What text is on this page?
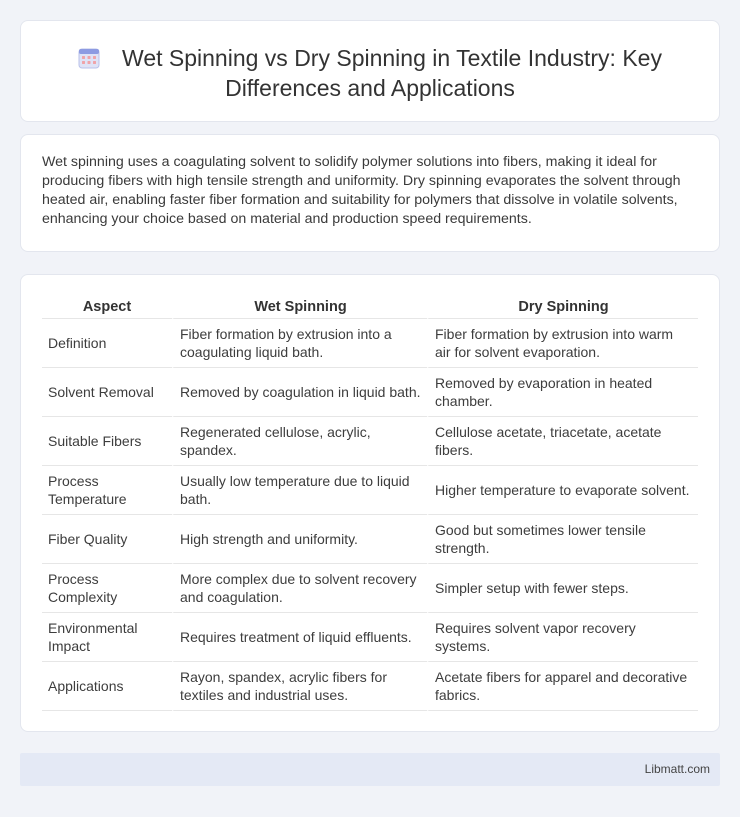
Wet Spinning vs Dry Spinning in Textile Industry: Key Differences and Applications

Wet spinning uses a coagulating solvent to solidify polymer solutions into fibers, making it ideal for producing fibers with high tensile strength and uniformity. Dry spinning evaporates the solvent through heated air, enabling faster fiber formation and suitability for polymers that dissolve in volatile solvents, enhancing your choice based on material and production speed requirements.

Aspect	Wet Spinning	Dry Spinning
Definition	Fiber formation by extrusion into a coagulating liquid bath.	Fiber formation by extrusion into warm air for solvent evaporation.
Solvent Removal	Removed by coagulation in liquid bath.	Removed by evaporation in heated chamber.
Suitable Fibers	Regenerated cellulose, acrylic, spandex.	Cellulose acetate, triacetate, acetate fibers.
Process Temperature	Usually low temperature due to liquid bath.	Higher temperature to evaporate solvent.
Fiber Quality	High strength and uniformity.	Good but sometimes lower tensile strength.
Process Complexity	More complex due to solvent recovery and coagulation.	Simpler setup with fewer steps.
Environmental Impact	Requires treatment of liquid effluents.	Requires solvent vapor recovery systems.
Applications	Rayon, spandex, acrylic fibers for textiles and industrial uses.	Acetate fibers for apparel and decorative fabrics.
Libmatt.com
